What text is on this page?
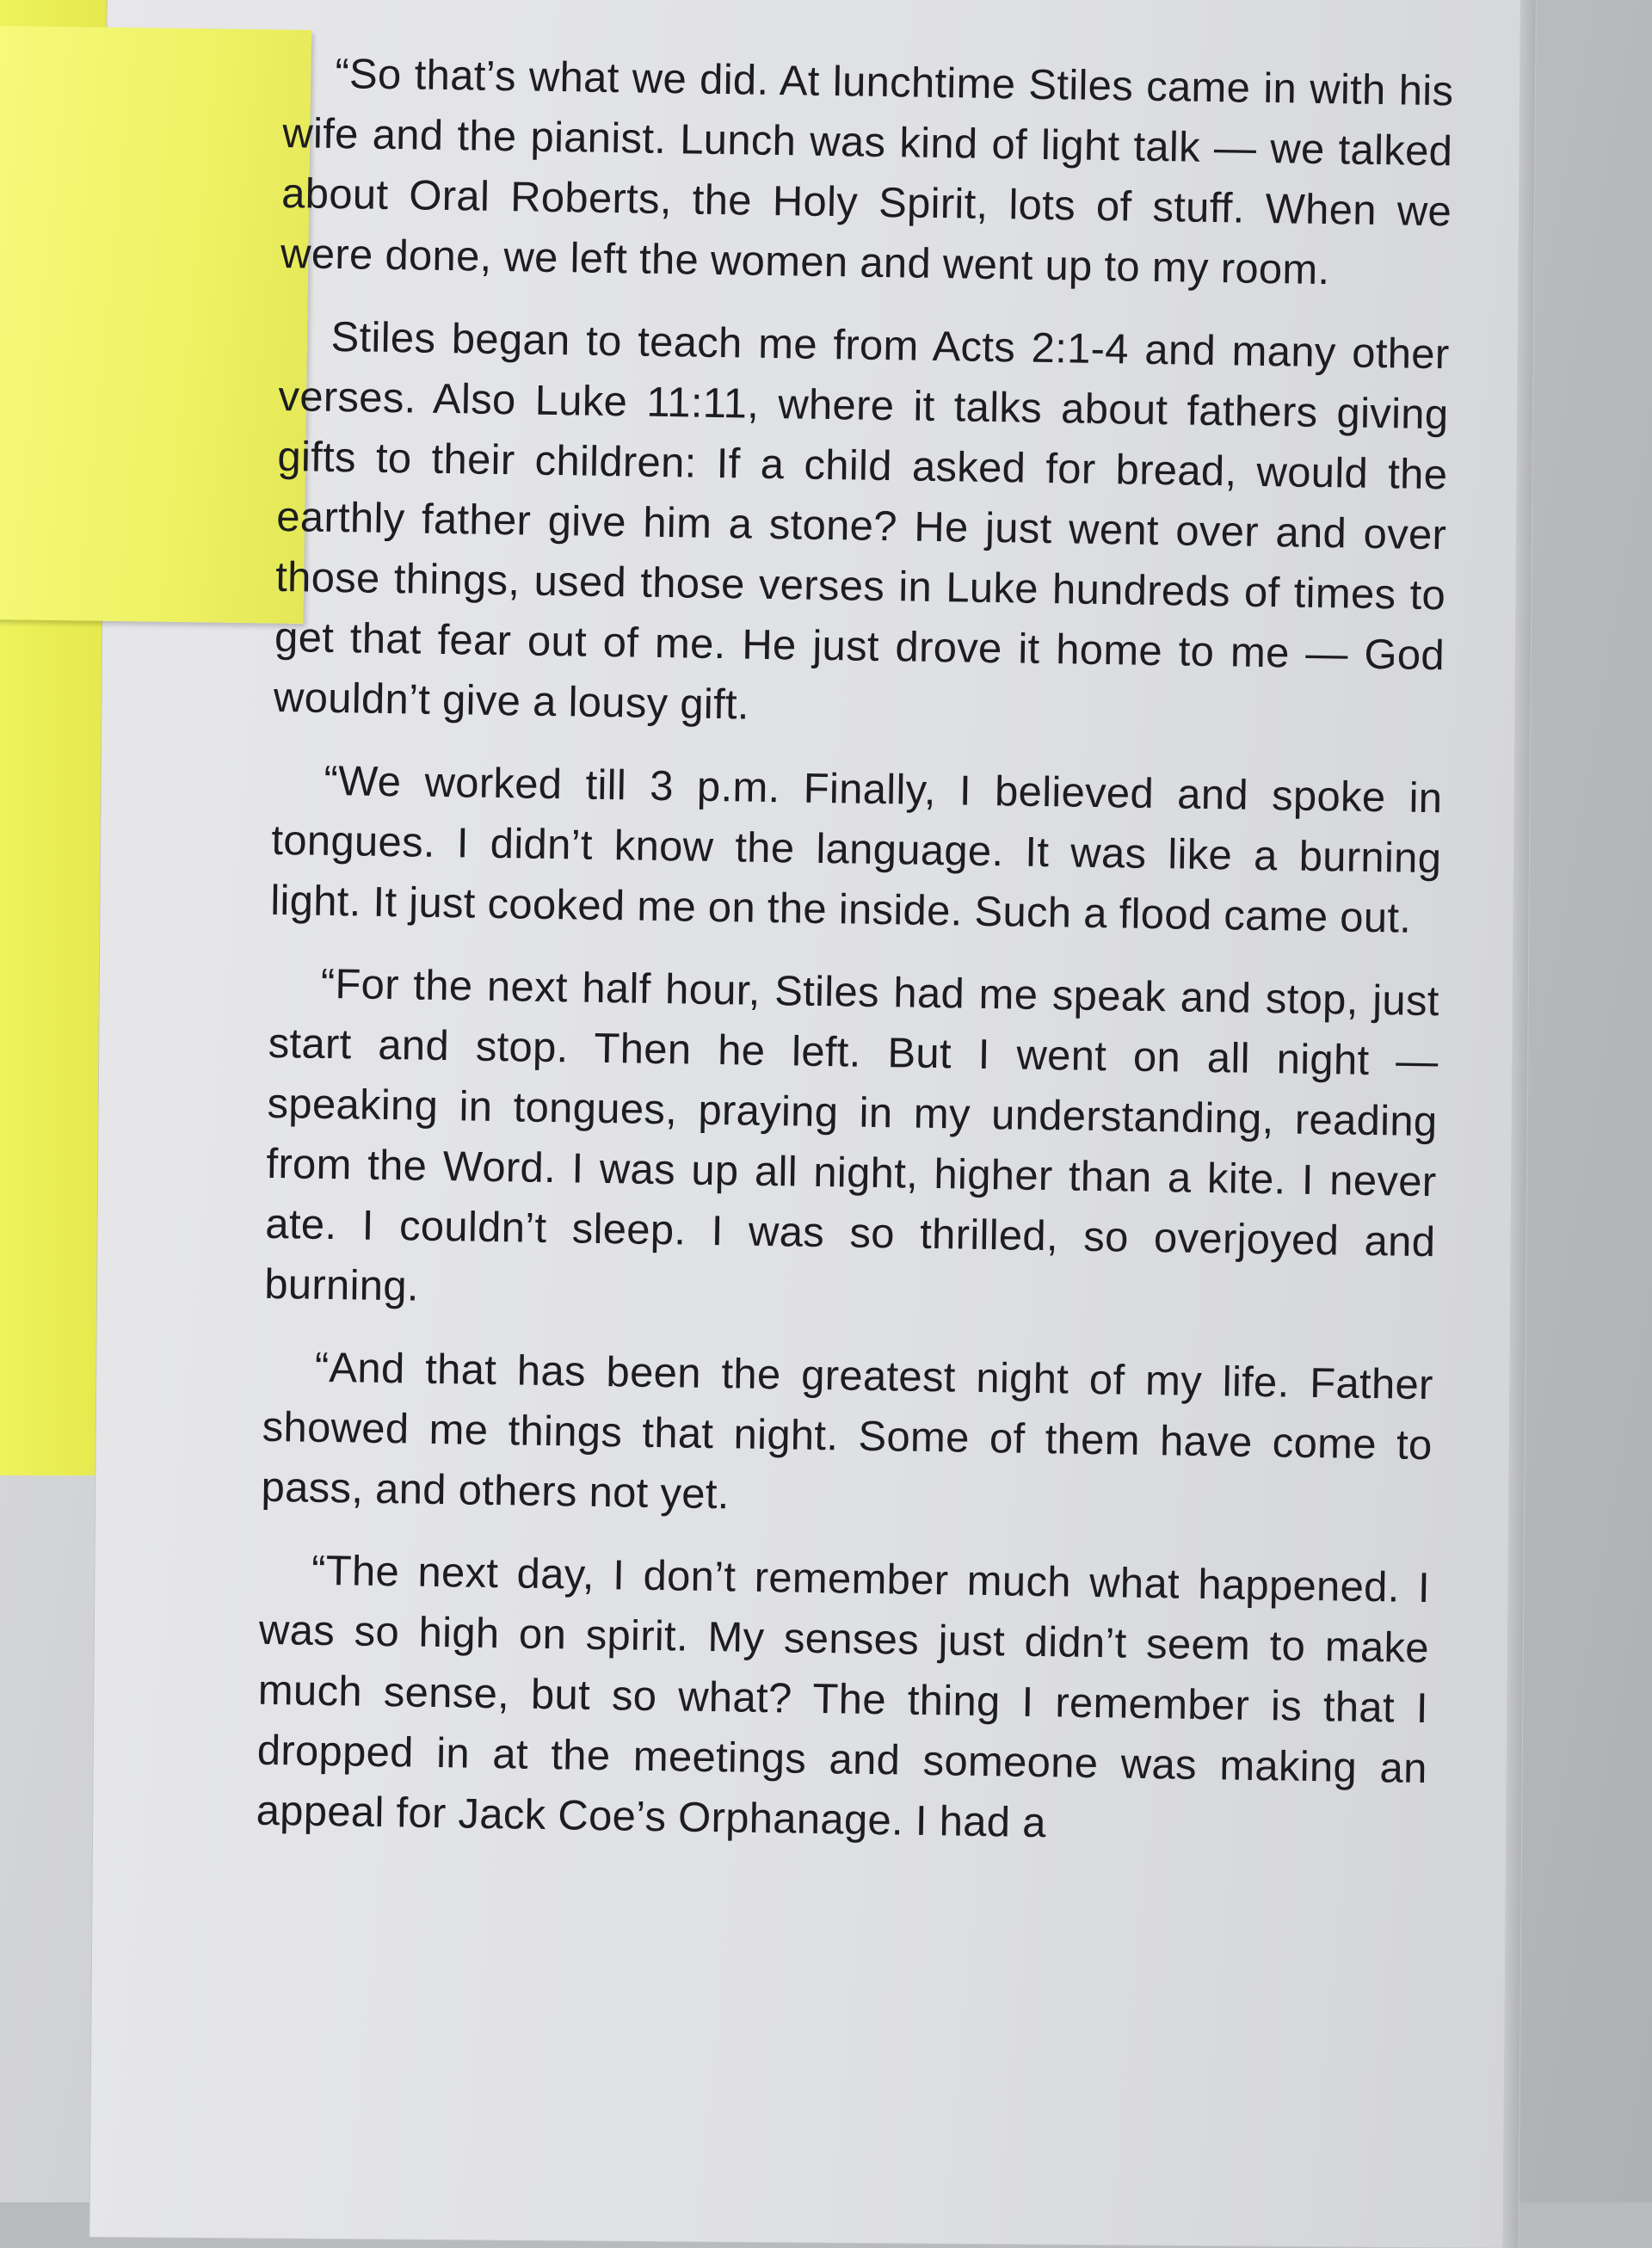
“So that’s what we did. At lunchtime Stiles came in with his wife and the pianist. Lunch was kind of light talk — we talked about Oral Roberts, the Holy Spirit, lots of stuff. When we were done, we left the women and went up to my room.

Stiles began to teach me from Acts 2:1-4 and many other verses. Also Luke 11:11, where it talks about fathers giving gifts to their children: If a child asked for bread, would the earthly father give him a stone? He just went over and over those things, used those verses in Luke hundreds of times to get that fear out of me. He just drove it home to me — God wouldn’t give a lousy gift.

“We worked till 3 p.m. Finally, I believed and spoke in tongues. I didn’t know the language. It was like a burning light. It just cooked me on the inside. Such a flood came out.

“For the next half hour, Stiles had me speak and stop, just start and stop. Then he left. But I went on all night — speaking in tongues, praying in my understanding, reading from the Word. I was up all night, higher than a kite. I never ate. I couldn’t sleep. I was so thrilled, so overjoyed and burning.

“And that has been the greatest night of my life. Father showed me things that night. Some of them have come to pass, and others not yet.

“The next day, I don’t remember much what happened. I was so high on spirit. My senses just didn’t seem to make much sense, but so what? The thing I remember is that I dropped in at the meetings and someone was making an appeal for Jack Coe’s Orphanage. I had a
